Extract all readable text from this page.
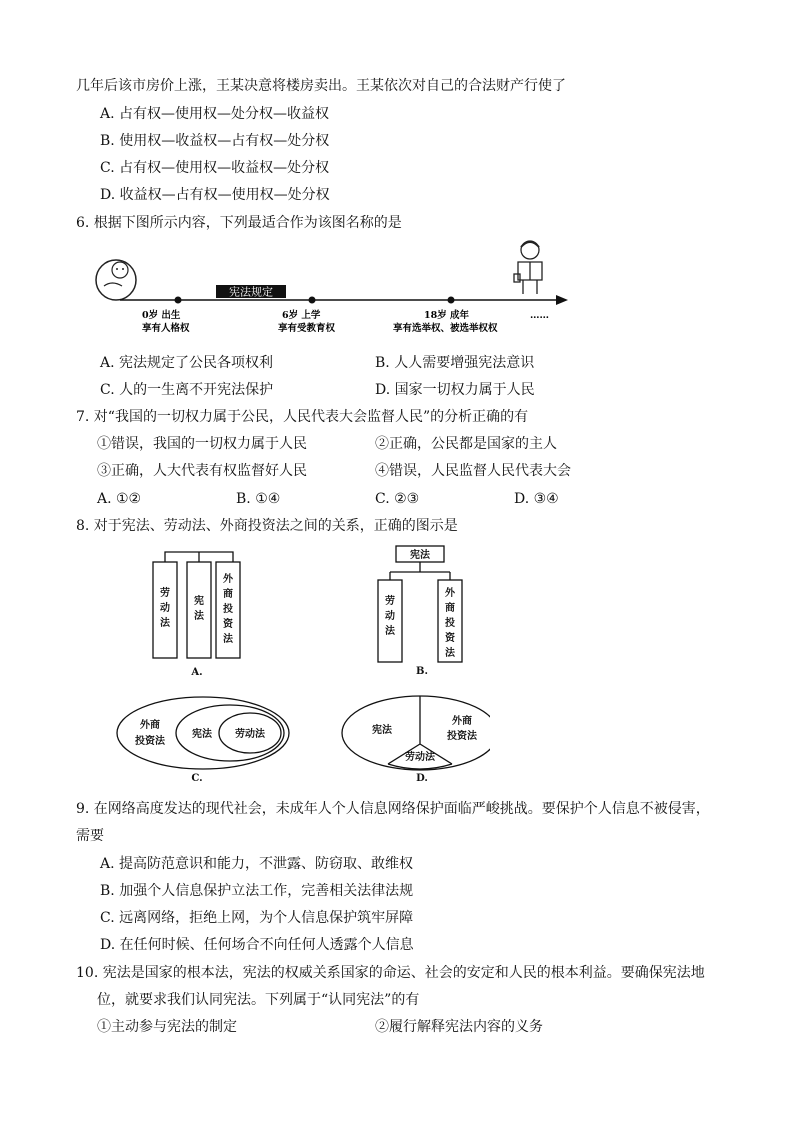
几年后该市房价上涨，王某决意将楼房卖出。王某依次对自己的合法财产行使了
A. 占有权—使用权—处分权—收益权
B. 使用权—收益权—占有权—处分权
C. 占有权—使用权—收益权—处分权
D. 收益权—占有权—使用权—处分权
6. 根据下图所示内容，下列最适合作为该图名称的是
宪法规定
0岁 出生
享有人格权
6岁 上学
享有受教育权
18岁 成年
享有选举权、被选举权权
……
A. 宪法规定了公民各项权利	B. 人人需要增强宪法意识
C. 人的一生离不开宪法保护	D. 国家一切权力属于人民
7. 对“我国的一切权力属于公民，人民代表大会监督人民”的分析正确的有
①错误，我国的一切权力属于人民	②正确，公民都是国家的主人
③正确，人大代表有权监督好人民	④错误，人民监督人民代表大会
A. ①②	B. ①④	C. ②③	D. ③④
8. 对于宪法、劳动法、外商投资法之间的关系，正确的图示是
劳
动
法
宪
法
外
商
投
资
法
A.
宪法
劳
动
法
外
商
投
资
法
B.
外商
投资法
宪法 劳动法
C.
宪法
外商
投资法
劳动法
D.
9. 在网络高度发达的现代社会，未成年人个人信息网络保护面临严峻挑战。要保护个人信息不被侵害，
需要
A. 提高防范意识和能力，不泄露、防窃取、敢维权
B. 加强个人信息保护立法工作，完善相关法律法规
C. 远离网络，拒绝上网，为个人信息保护筑牢屏障
D. 在任何时候、任何场合不向任何人透露个人信息
10. 宪法是国家的根本法，宪法的权威关系国家的命运、社会的安定和人民的根本利益。要确保宪法地
位，就要求我们认同宪法。下列属于“认同宪法”的有
①主动参与宪法的制定	②履行解释宪法内容的义务
